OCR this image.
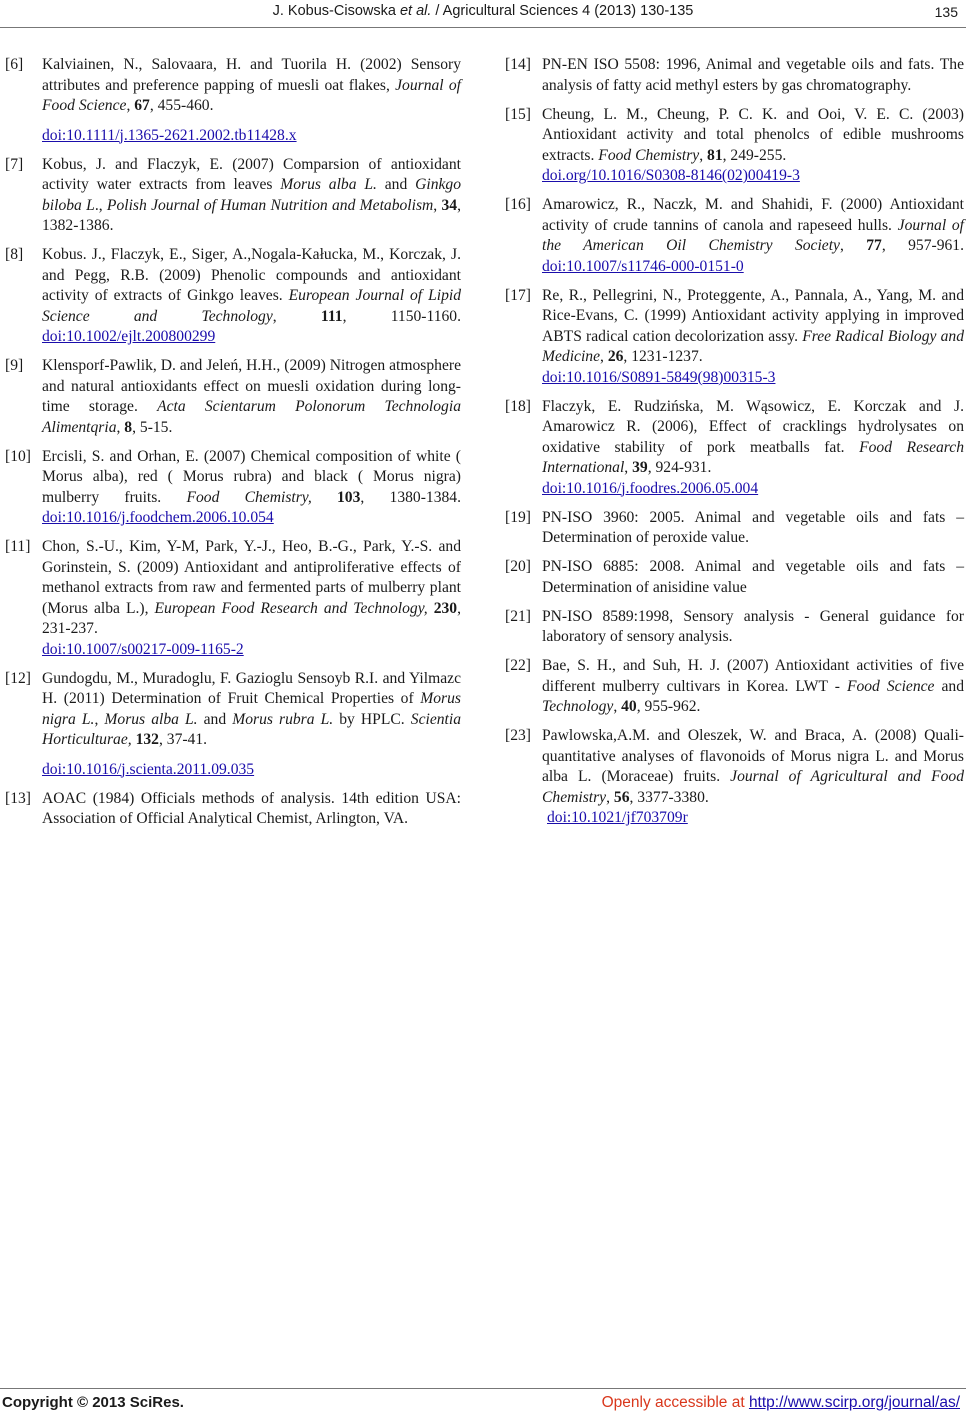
J. Kobus-Cisowska et al. / Agricultural Sciences 4 (2013) 130-135	135
[6]	Kalviainen, N., Salovaara, H. and Tuorila H. (2002) Sensory attributes and preference papping of muesli oat flakes, Journal of Food Science, 67, 455-460.
doi:10.1111/j.1365-2621.2002.tb11428.x
[7]	Kobus, J. and Flaczyk, E. (2007) Comparsion of antioxidant activity water extracts from leaves Morus alba L. and Ginkgo biloba L., Polish Journal of Human Nutrition and Metabolism, 34, 1382-1386.
[8]	Kobus. J., Flaczyk, E., Siger, A.,Nogala-Kałucka, M., Korczak, J. and Pegg, R.B. (2009) Phenolic compounds and antioxidant activity of extracts of Ginkgo leaves. European Journal of Lipid Science and Technology, 111, 1150-1160. doi:10.1002/ejlt.200800299
[9]	Klensporf-Pawlik, D. and Jeleń, H.H., (2009) Nitrogen atmosphere and natural antioxidants effect on muesli oxidation during long-time storage. Acta Scientarum Polonorum Technologia Alimentqria, 8, 5-15.
[10] Ercisli, S. and Orhan, E. (2007) Chemical composition of white ( Morus alba), red ( Morus rubra) and black ( Morus nigra) mulberry fruits. Food Chemistry, 103, 1380-1384. doi:10.1016/j.foodchem.2006.10.054
[11] Chon, S.-U., Kim, Y-M, Park, Y.-J., Heo, B.-G., Park, Y.-S. and Gorinstein, S. (2009) Antioxidant and antiproliferative effects of methanol extracts from raw and fermented parts of mulberry plant (Morus alba L.), European Food Research and Technology, 230, 231-237.
doi:10.1007/s00217-009-1165-2
[12] Gundogdu, M., Muradoglu, F. Gazioglu Sensoyb R.I. and Yilmazc H. (2011) Determination of Fruit Chemical Properties of Morus nigra L., Morus alba L. and Morus rubra L. by HPLC. Scientia Horticulturae, 132, 37-41.
doi:10.1016/j.scienta.2011.09.035
[13] AOAC (1984) Officials methods of analysis. 14th edition USA: Association of Official Analytical Chemist, Arlington, VA.
[14] PN-EN ISO 5508: 1996, Animal and vegetable oils and fats. The analysis of fatty acid methyl esters by gas chromatography.
[15] Cheung, L. M., Cheung, P. C. K. and Ooi, V. E. C. (2003) Antioxidant activity and total phenolcs of edible mushrooms extracts. Food Chemistry, 81, 249-255.
doi.org/10.1016/S0308-8146(02)00419-3
[16] Amarowicz, R., Naczk, M. and Shahidi, F. (2000) Antioxidant activity of crude tannins of canola and rapeseed hulls. Journal of the American Oil Chemistry Society, 77, 957-961. doi:10.1007/s11746-000-0151-0
[17] Re, R., Pellegrini, N., Proteggente, A., Pannala, A., Yang, M. and Rice-Evans, C. (1999) Antioxidant activity applying in improved ABTS radical cation decolorization assy. Free Radical Biology and Medicine, 26, 1231-1237.
doi:10.1016/S0891-5849(98)00315-3
[18] Flaczyk, E. Rudzińska, M. Wąsowicz, E. Korczak and J. Amarowicz R. (2006), Effect of cracklings hydrolysates on oxidative stability of pork meatballs fat. Food Research International, 39, 924-931.
doi:10.1016/j.foodres.2006.05.004
[19] PN-ISO 3960: 2005. Animal and vegetable oils and fats – Determination of peroxide value.
[20] PN-ISO 6885: 2008. Animal and vegetable oils and fats – Determination of anisidine value
[21] PN-ISO 8589:1998, Sensory analysis - General guidance for laboratory of sensory analysis.
[22] Bae, S. H., and Suh, H. J. (2007) Antioxidant activities of five different mulberry cultivars in Korea. LWT - Food Science and Technology, 40, 955-962.
[23] Pawlowska,A.M. and Oleszek, W. and Braca, A. (2008) Quali-quantitative analyses of flavonoids of Morus nigra L. and Morus alba L. (Moraceae) fruits. Journal of Agricultural and Food Chemistry, 56, 3377-3380.
doi:10.1021/jf703709r
Copyright © 2013 SciRes.	Openly accessible at http://www.scirp.org/journal/as/
